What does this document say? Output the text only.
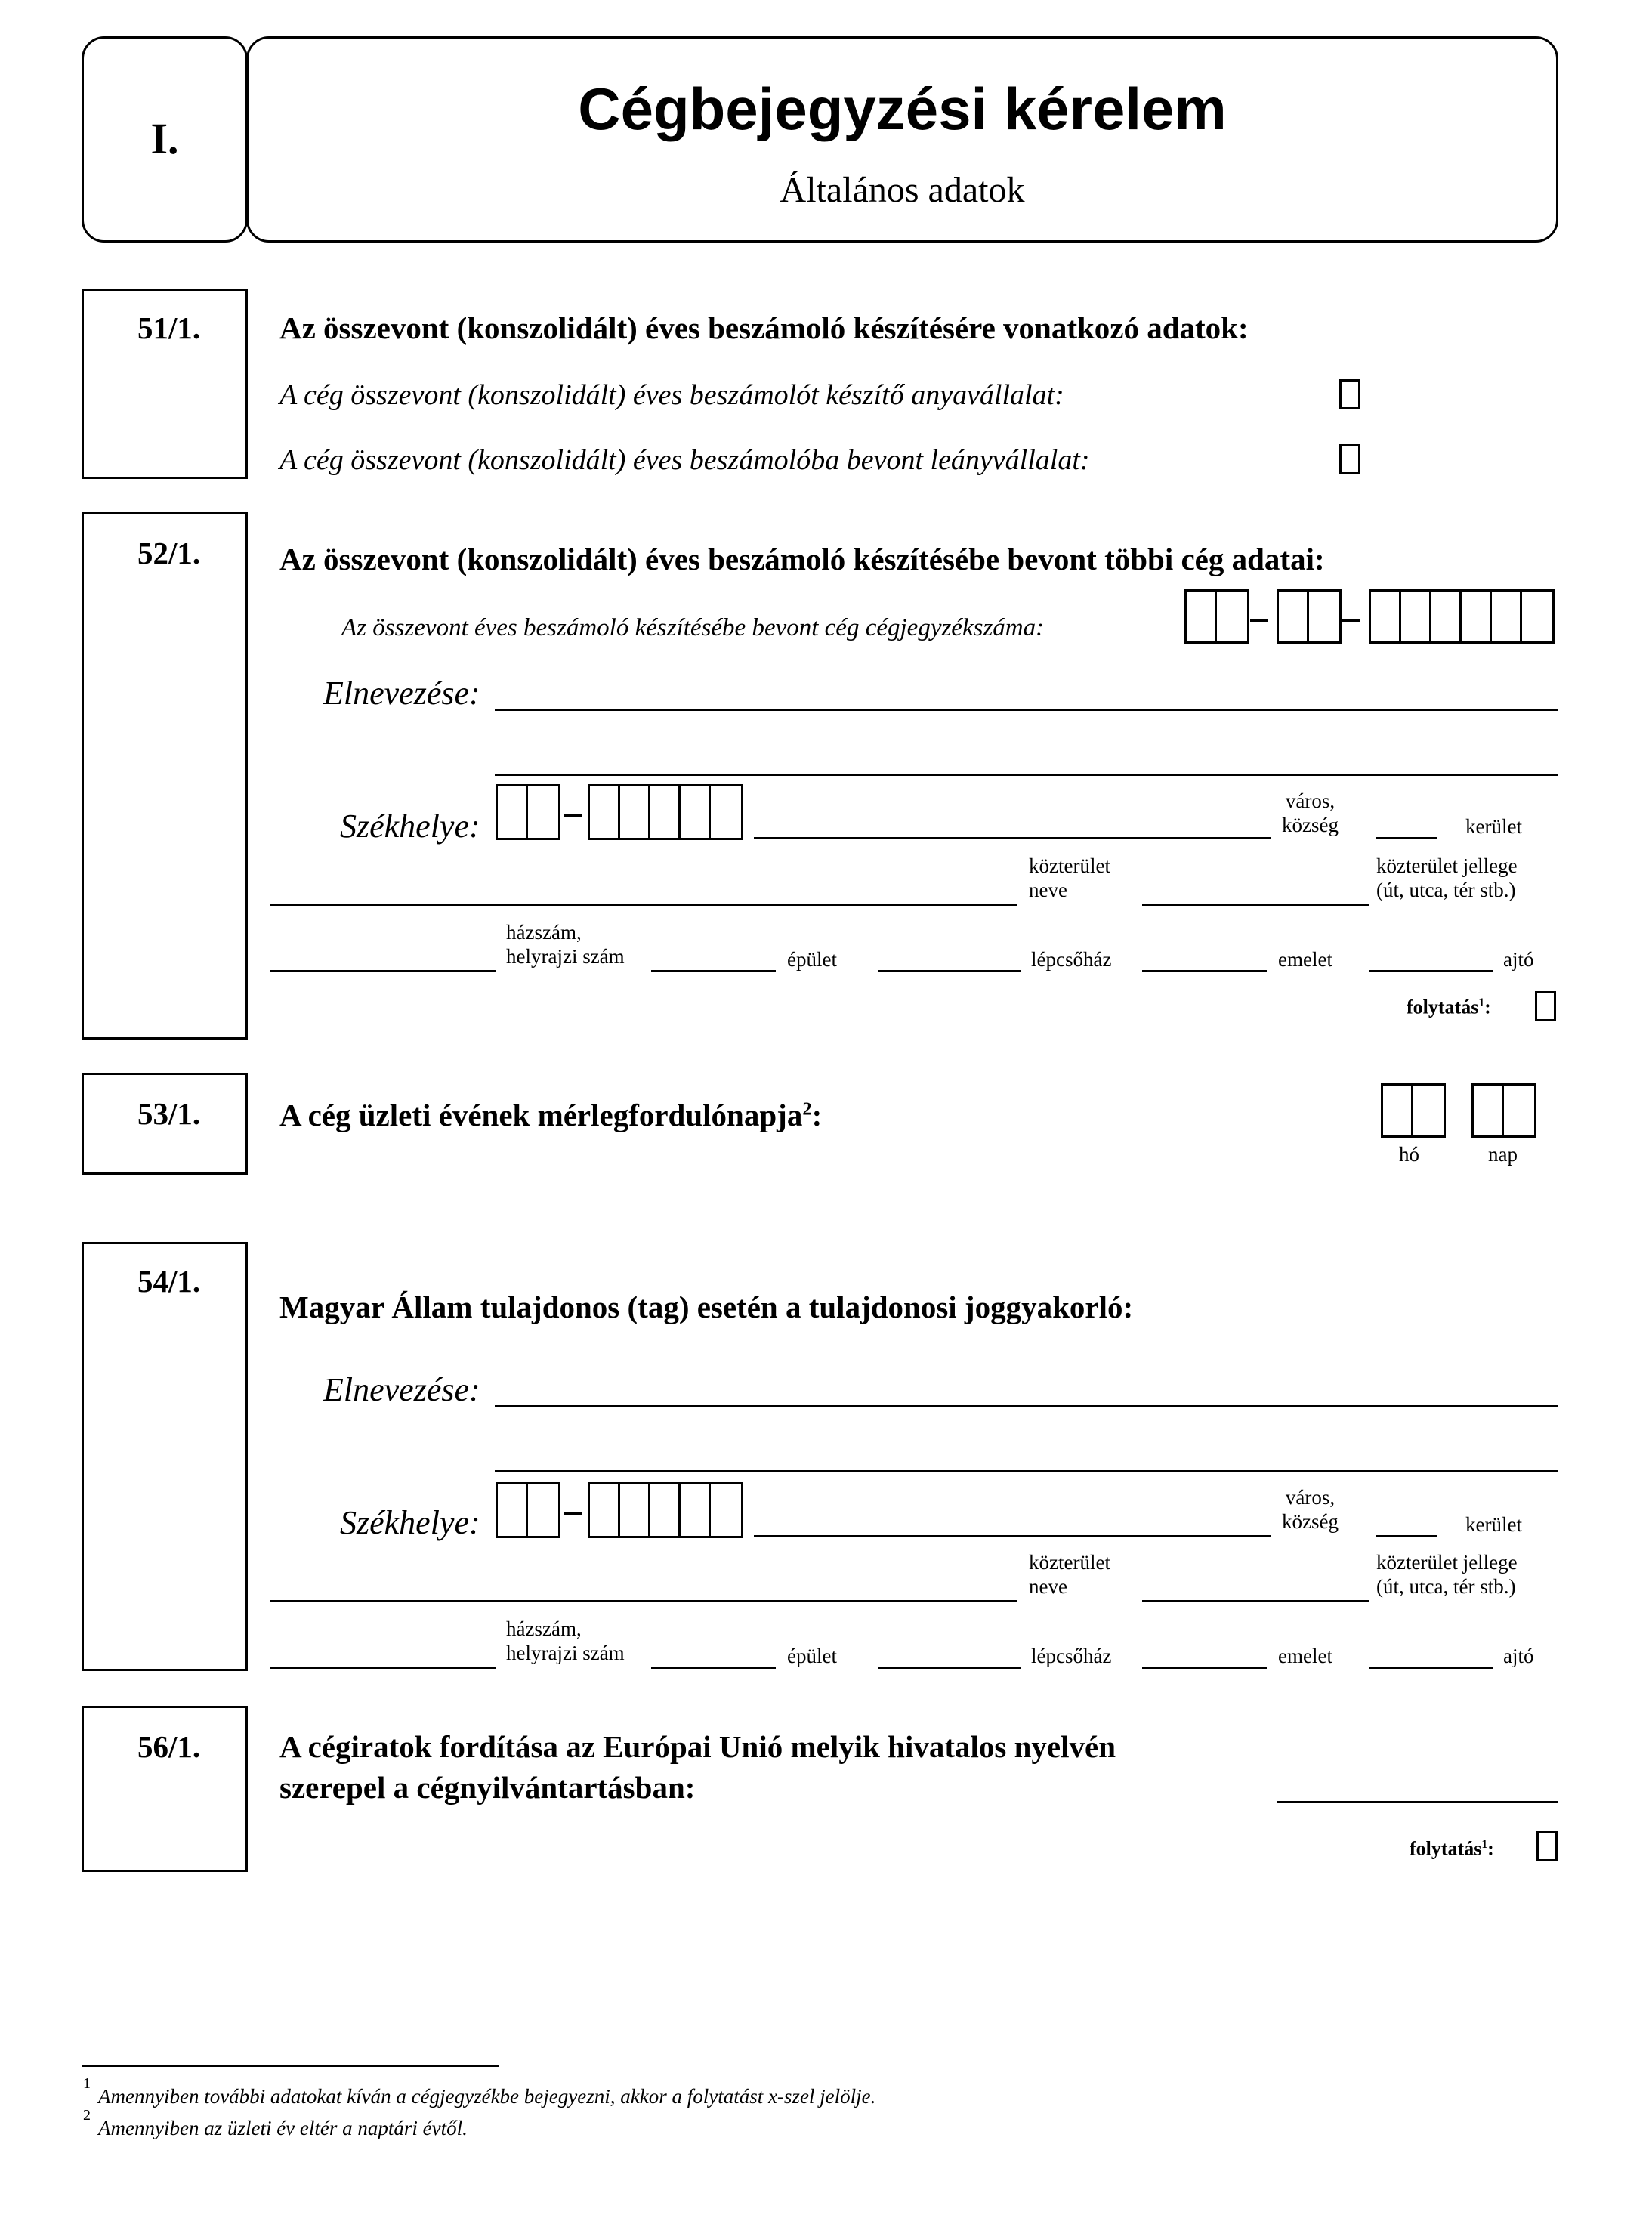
I.	Cégbejegyzési kérelem
Általános adatok
51/1.	Az összevont (konszolidált) éves beszámoló készítésére vonatkozó adatok:
A cég összevont (konszolidált) éves beszámolót készítő anyavállalat:
A cég összevont (konszolidált) éves beszámolóba bevont leányvállalat:
52/1.	Az összevont (konszolidált) éves beszámoló készítésébe bevont többi cég adatai:
Az összevont éves beszámoló készítésébe bevont cég cégjegyzékszáma:
Elnevezése:
Székhelye:
város,
község	kerület
közterület
neve
közterület jellege
(út, utca, tér stb.)
házszám,
helyrajzi szám	épület	lépcsőház	emelet	ajtó
folytatás$^1$:
53/1.	A cég üzleti évének mérlegfordulónapja$^2$:
hó	nap
54/1.
Magyar Állam tulajdonos (tag) esetén a tulajdonosi joggyakorló:
Elnevezése:
Székhelye:
város,
község	kerület
közterület
neve
közterület jellege
(út, utca, tér stb.)
házszám,
helyrajzi szám	épület	lépcsőház	emelet	ajtó
56/1.	A cégiratok fordítása az Európai Unió melyik hivatalos nyelvén
szerepel a cégnyilvántartásban:
folytatás$^1$:
1
Amennyiben további adatokat kíván a cégjegyzékbe bejegyezni, akkor a folytatást x-szel jelölje.
2
Amennyiben az üzleti év eltér a naptári évtől.
